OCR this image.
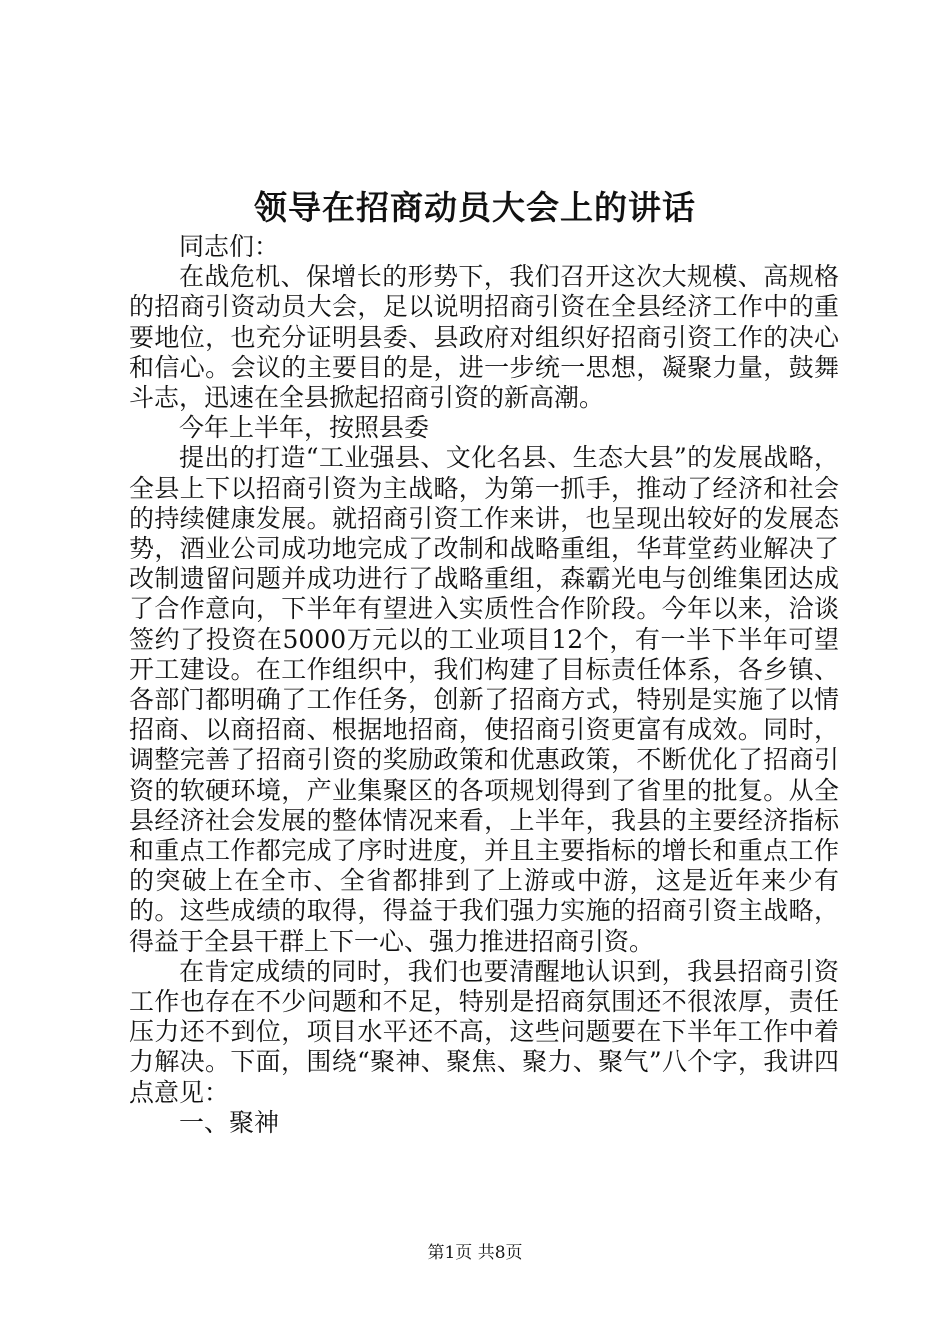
领导在招商动员大会上的讲话

同志们：

在战危机、保增长的形势下，我们召开这次大规模、高规格的招商引资动员大会，足以说明招商引资在全县经济工作中的重要地位，也充分证明县委、县政府对组织好招商引资工作的决心和信心。会议的主要目的是，进一步统一思想，凝聚力量，鼓舞斗志，迅速在全县掀起招商引资的新高潮。

今年上半年，按照县委

提出的打造“工业强县、文化名县、生态大县”的发展战略，全县上下以招商引资为主战略，为第一抓手，推动了经济和社会的持续健康发展。就招商引资工作来讲，也呈现出较好的发展态势，酒业公司成功地完成了改制和战略重组，华茸堂药业解决了改制遗留问题并成功进行了战略重组，森霸光电与创维集团达成了合作意向，下半年有望进入实质性合作阶段。今年以来，洽谈签约了投资在5000万元以的工业项目12个，有一半下半年可望开工建设。在工作组织中，我们构建了目标责任体系，各乡镇、各部门都明确了工作任务，创新了招商方式，特别是实施了以情招商、以商招商、根据地招商，使招商引资更富有成效。同时，调整完善了招商引资的奖励政策和优惠政策，不断优化了招商引资的软硬环境，产业集聚区的各项规划得到了省里的批复。从全县经济社会发展的整体情况来看，上半年，我县的主要经济指标和重点工作都完成了序时进度，并且主要指标的增长和重点工作的突破上在全市、全省都排到了上游或中游，这是近年来少有的。这些成绩的取得，得益于我们强力实施的招商引资主战略，得益于全县干群上下一心、强力推进招商引资。

在肯定成绩的同时，我们也要清醒地认识到，我县招商引资工作也存在不少问题和不足，特别是招商氛围还不很浓厚，责任压力还不到位，项目水平还不高，这些问题要在下半年工作中着力解决。下面，围绕“聚神、聚焦、聚力、聚气”八个字，我讲四点意见：

一、聚神

第1页 共8页
